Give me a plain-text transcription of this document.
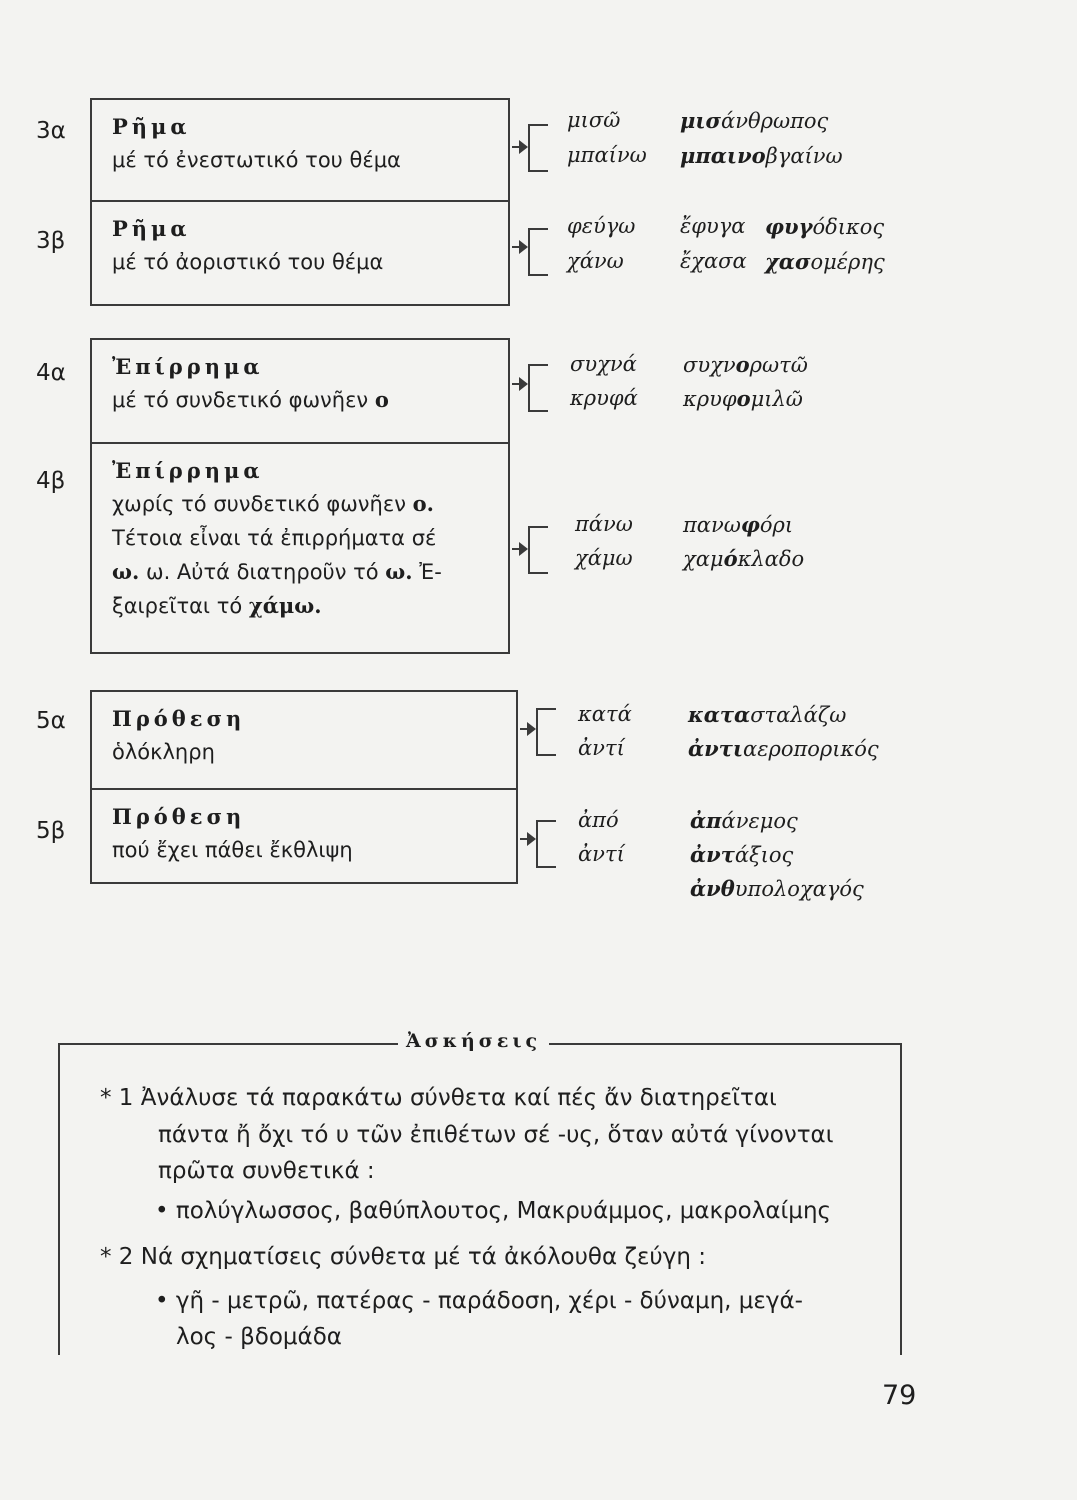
3α Ρῆμα
μέ τό ἐνεστωτικό του θέμα
3β Ρῆμα
μέ τό ἀοριστικό του θέμα
4α Ἐπίρρημα
μέ τό συνδετικό φωνῆεν ο
4β Ἐπίρρημα
χωρίς τό συνδετικό φωνῆεν ο.
Τέτοια εἶναι τά ἐπιρρήματα σέ
ω. ω. Αὐτά διατηροῦν τό ω. Ἐ-
ξαιρεῖται τό χάμω.
5α Πρόθεση
ὁλόκληρη
5β
Πρόθεση
πού ἔχει πάθει ἔκθλιψη
μισῶ	μισάνθρωπος
μπαίνω μπαινοβγαίνω
φεύγω ἔφυγα φυγόδικος
χάνω	ἔχασα χασομέρης
συχνά συχνορωτῶ
κρυφά κρυφομιλῶ
πάνω πανωφόρι
χάμω χαμόκλαδο
κατά	κατασταλάζω
ἀντί	ἀντιαεροπορικός
ἀπό	ἀπάνεμος
ἀντί	ἀντάξιος
ἀνθυπολοχαγός
Ἀσκήσεις
* 1 Ἀνάλυσε τά παρακάτω σύνθετα καί πές ἄν διατηρεῖται
πάντα ἤ ὄχι τό υ τῶν ἐπιθέτων σέ -υς, ὅταν αὐτά γίνονται
πρῶτα συνθετικά :
• πολύγλωσσος, βαθύπλουτος, Μακρυάμμος, μακρολαίμης
* 2 Νά σχηματίσεις σύνθετα μέ τά ἀκόλουθα ζεύγη :
• γῆ - μετρῶ, πατέρας - παράδοση, χέρι - δύναμη, μεγά-
λος - βδομάδα
79
